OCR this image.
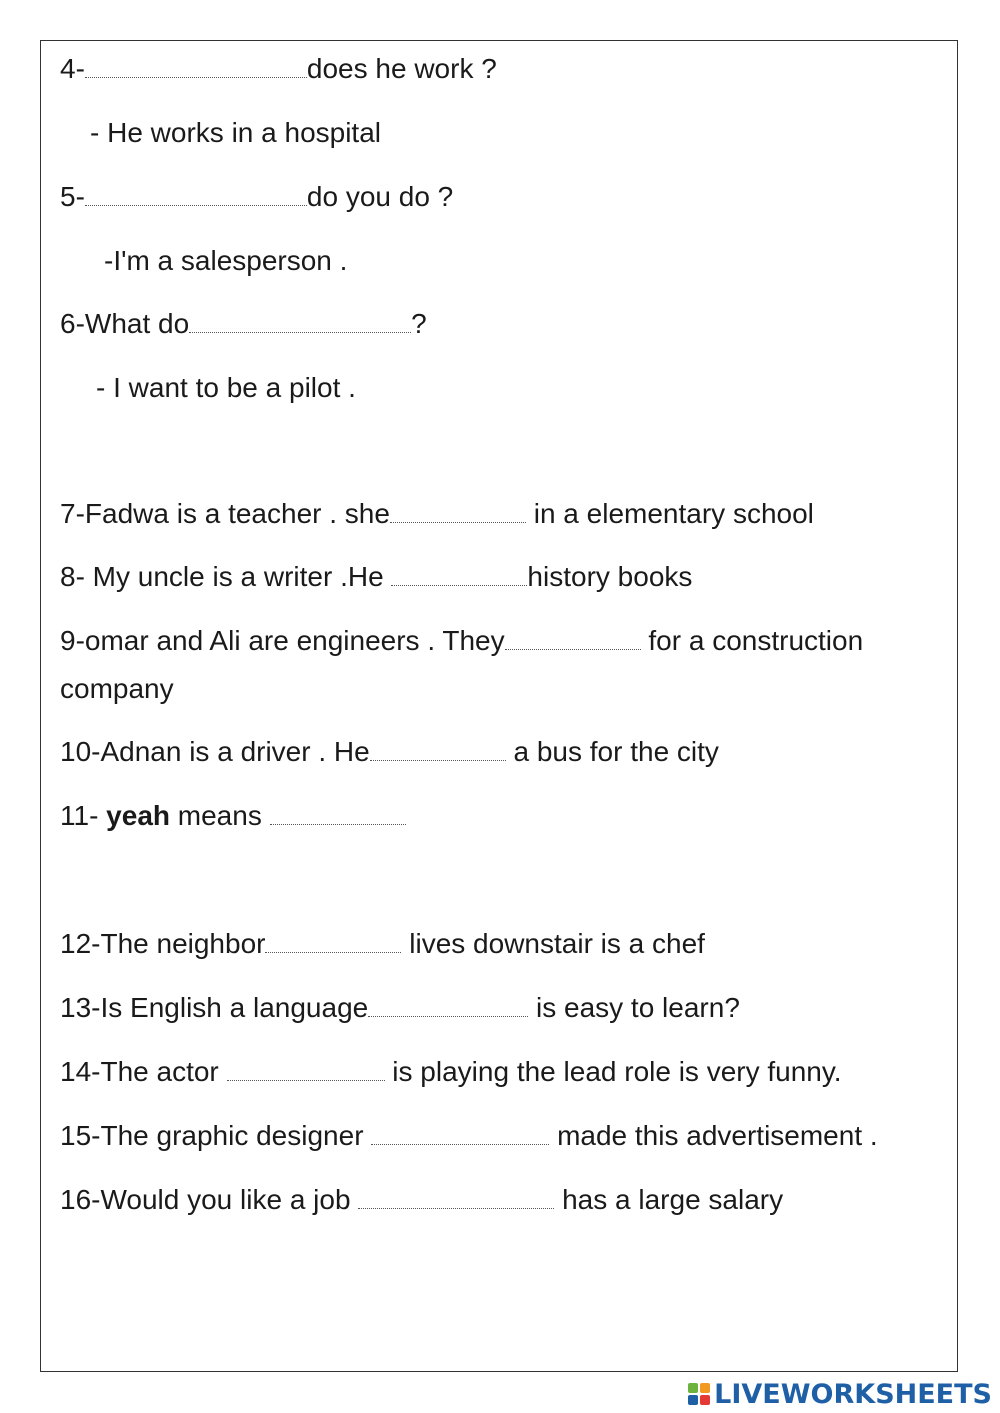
4-	does he work ?
- He works in a hospital
5-	do you do ?
-I'm a salesperson .
6-What do	?
- I want to be a pilot .
7-Fadwa is a teacher . she	in a elementary school
8- My uncle is a writer .He	history books
9-omar and Ali are engineers . They	for a construction company
10-Adnan is a driver . He	a bus for the city
11- yeah means
12-The neighbor	lives downstair is a chef
13-Is English a language	is easy to learn?
14-The actor	is playing the lead role is very funny.
15-The graphic designer	made this advertisement .
16-Would you like a job	has a large salary
LIVEWORKSHEETS
